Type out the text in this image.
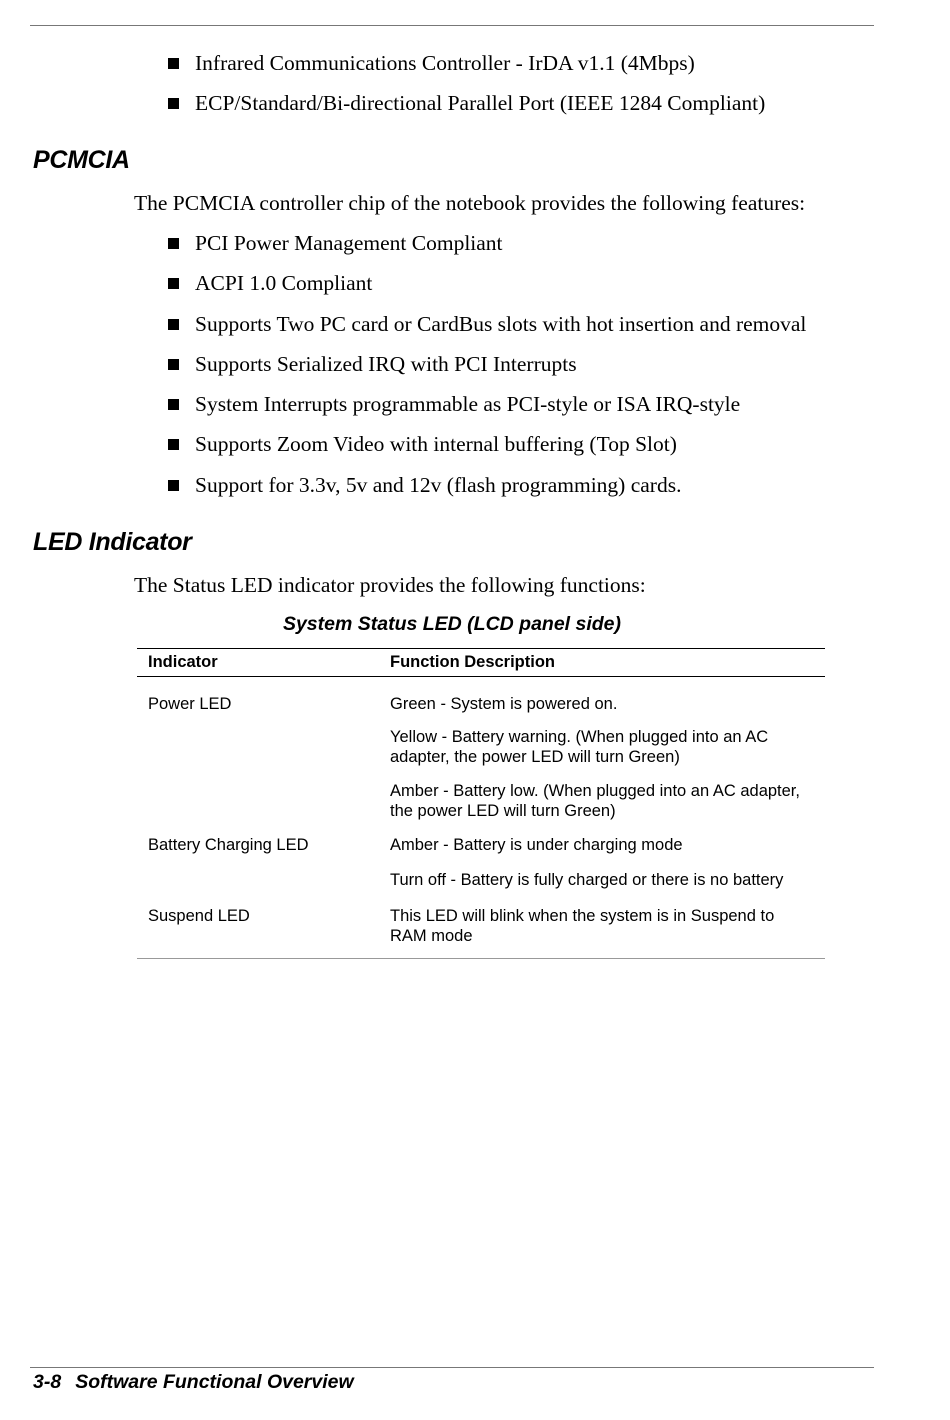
Infrared Communications Controller - IrDA v1.1 (4Mbps)
ECP/Standard/Bi-directional Parallel Port (IEEE 1284 Compliant)
PCMCIA

The PCMCIA controller chip of the notebook provides the following features:

PCI Power Management Compliant
ACPI 1.0 Compliant
Supports Two PC card or CardBus slots with hot insertion and removal
Supports Serialized IRQ with PCI Interrupts
System Interrupts programmable as PCI-style or ISA IRQ-style
Supports Zoom Video with internal buffering (Top Slot)
Support for 3.3v, 5v and 12v (flash programming) cards.
LED Indicator

The Status LED indicator provides the following functions:

System Status LED (LCD panel side)

Indicator	Function Description

Power LED	Green - System is powered on.

Yellow - Battery warning. (When plugged into an AC adapter, the power LED will turn Green)

Amber - Battery low. (When plugged into an AC adapter, the power LED will turn Green)

Battery Charging LED	Amber - Battery is under charging mode

Turn off - Battery is fully charged or there is no battery

Suspend LED	This LED will blink when the system is in Suspend to RAM mode

3-8 Software Functional Overview
